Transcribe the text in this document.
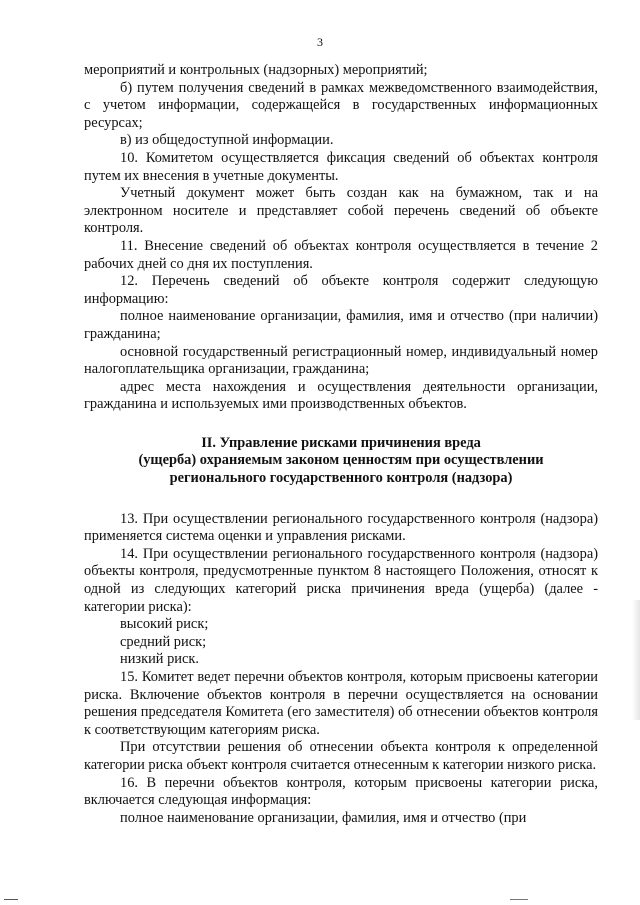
3

мероприятий и контрольных (надзорных) мероприятий;

б) путем получения сведений в рамках межведомственного взаимодействия, с учетом информации, содержащейся в государственных информационных ресурсах;

в) из общедоступной информации.

10. Комитетом осуществляется фиксация сведений об объектах контроля путем их внесения в учетные документы.

Учетный документ может быть создан как на бумажном, так и на электронном носителе и представляет собой перечень сведений об объекте контроля.

11. Внесение сведений об объектах контроля осуществляется в течение 2 рабочих дней со дня их поступления.

12. Перечень сведений об объекте контроля содержит следующую информацию:

полное наименование организации, фамилия, имя и отчество (при наличии) гражданина;

основной государственный регистрационный номер, индивидуальный номер налогоплательщика организации, гражданина;

адрес места нахождения и осуществления деятельности организации, гражданина и используемых ими производственных объектов.

II. Управление рисками причинения вреда
(ущерба) охраняемым законом ценностям при осуществлении
регионального государственного контроля (надзора)

13. При осуществлении регионального государственного контроля (надзора) применяется система оценки и управления рисками.

14. При осуществлении регионального государственного контроля (надзора) объекты контроля, предусмотренные пунктом 8 настоящего Положения, относят к одной из следующих категорий риска причинения вреда (ущерба) (далее - категории риска):

высокий риск;

средний риск;

низкий риск.

15. Комитет ведет перечни объектов контроля, которым присвоены категории риска. Включение объектов контроля в перечни осуществляется на основании решения председателя Комитета (его заместителя) об отнесении объектов контроля к соответствующим категориям риска.

При отсутствии решения об отнесении объекта контроля к определенной категории риска объект контроля считается отнесенным к категории низкого риска.

16. В перечни объектов контроля, которым присвоены категории риска, включается следующая информация:

полное наименование организации, фамилия, имя и отчество (при
